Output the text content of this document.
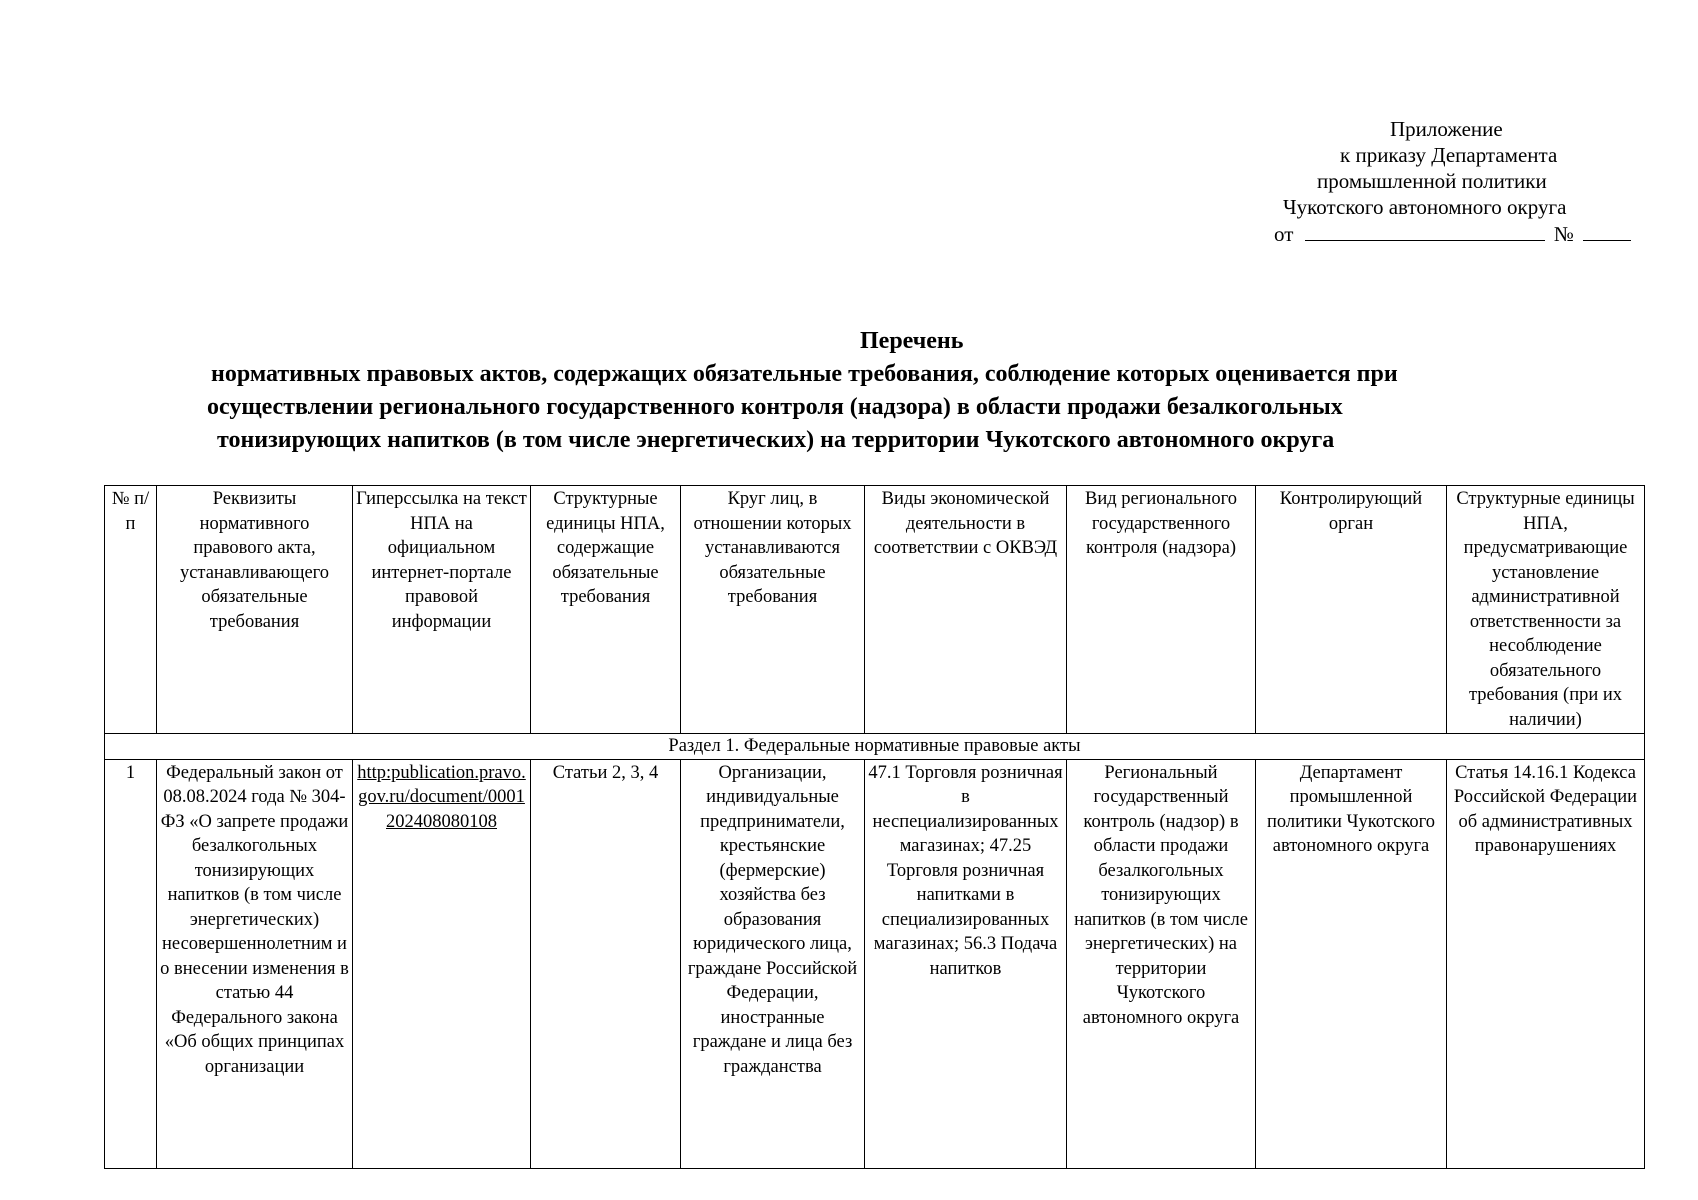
Приложение
к приказу Департамента
промышленной политики
Чукотского автономного округа
от	№
Перечень
нормативных правовых актов, содержащих обязательные требования, соблюдение которых оценивается при
осуществлении регионального государственного контроля (надзора) в области продажи безалкогольных
тонизирующих напитков (в том числе энергетических) на территории Чукотского автономного округа
№ п/п	Реквизиты нормативного правового акта, устанавливающего обязательные требования	Гиперссылка на текст НПА на официальном интернет-портале правовой информации	Структурные единицы НПА, содержащие обязательные требования	Круг лиц, в отношении которых устанавливаются обязательные требования	Виды экономической деятельности в соответствии с ОКВЭД	Вид регионального государственного контроля (надзора)	Контролирующий орган	Структурные единицы НПА, предусматривающие установление административной ответственности за несоблюдение обязательного требования (при их наличии)
Раздел 1. Федеральные нормативные правовые акты								
1	Федеральный закон от 08.08.2024 года № 304-ФЗ «О запрете продажи безалкогольных тонизирующих напитков (в том числе энергетических) несовершеннолетним и о внесении изменения в статью 44 Федерального закона «Об общих принципах организации	http:publication.pravo.gov.ru/document/0001202408080108	Статьи 2, 3, 4	Организации, индивидуальные предприниматели, крестьянские (фермерские) хозяйства без образования юридического лица, граждане Российской Федерации, иностранные граждане и лица без гражданства	47.1 Торговля розничная в неспециализированных магазинах; 47.25 Торговля розничная напитками в специализированных магазинах; 56.3 Подача напитков	Региональный государственный контроль (надзор) в области продажи безалкогольных тонизирующих напитков (в том числе энергетических) на территории Чукотского автономного округа	Департамент промышленной политики Чукотского автономного округа	Статья 14.16.1 Кодекса Российской Федерации об административных правонарушениях
